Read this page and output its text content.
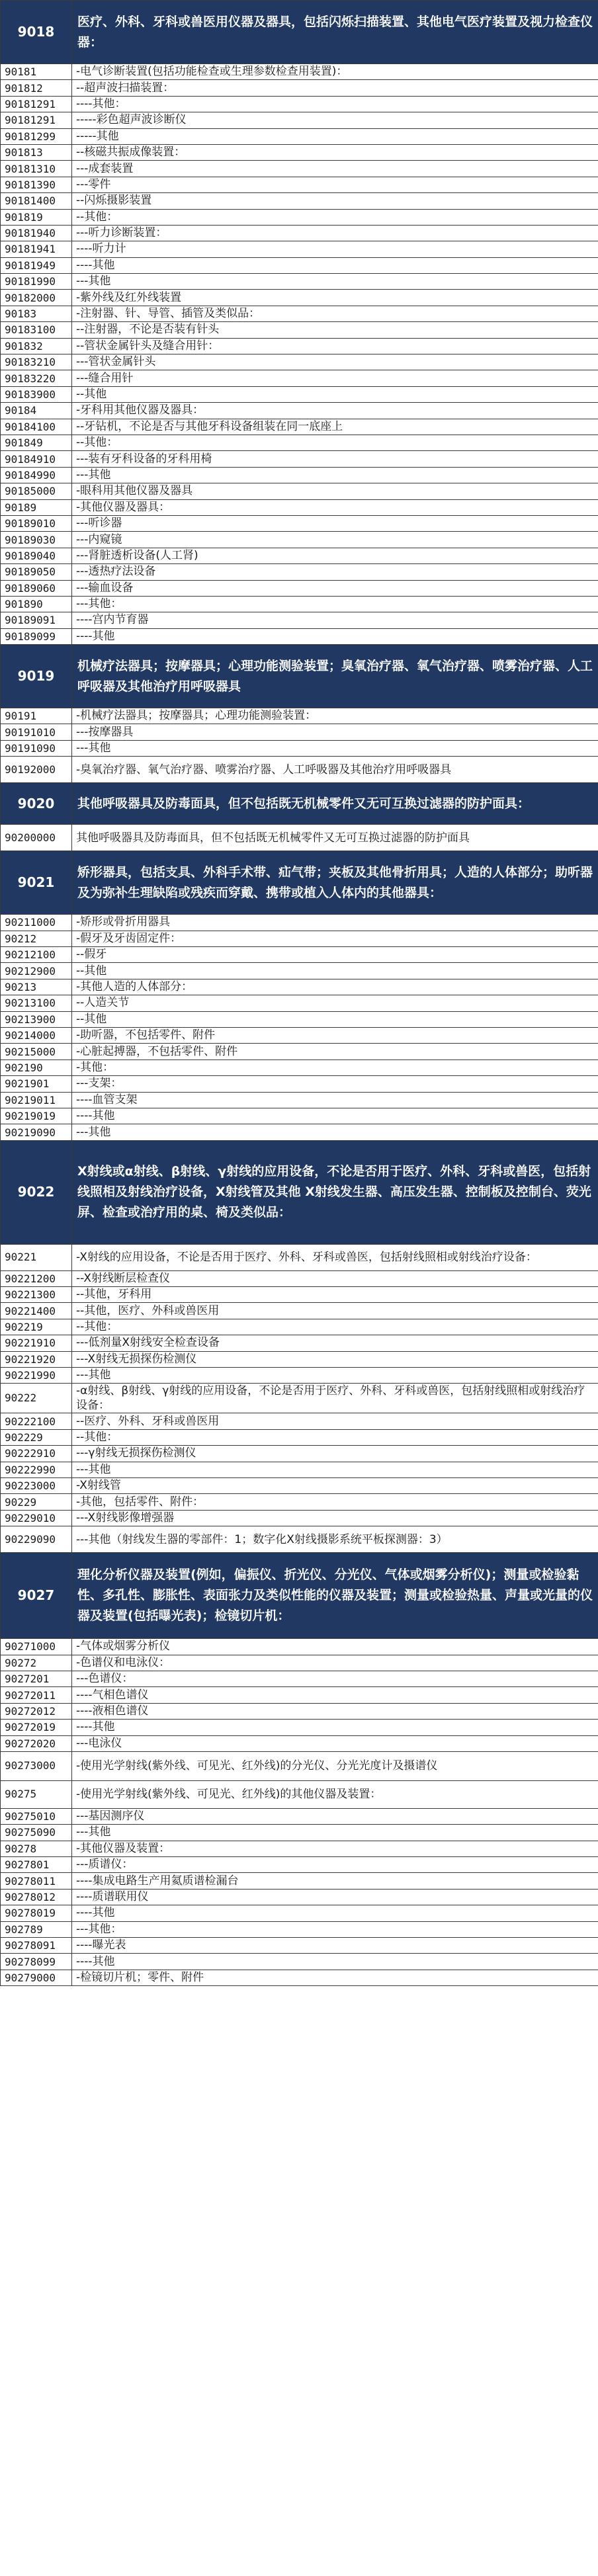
9018	医疗、外科、牙科或兽医用仪器及器具，包括闪烁扫描装置、其他电气医疗装置及视力检查仪器：
90181	-电气诊断装置(包括功能检查或生理参数检查用装置)：
901812	--超声波扫描装置：
90181291	----其他：
90181291	-----彩色超声波诊断仪
90181299	-----其他
901813	--核磁共振成像装置：
90181310	---成套装置
90181390	---零件
90181400	--闪烁摄影装置
901819	--其他：
90181940	---听力诊断装置：
90181941	----听力计
90181949	----其他
90181990	---其他
90182000	-紫外线及红外线装置
90183	-注射器、针、导管、插管及类似品：
90183100	--注射器，不论是否装有针头
901832	--管状金属针头及缝合用针：
90183210	---管状金属针头
90183220	---缝合用针
90183900	--其他
90184	-牙科用其他仪器及器具：
90184100	--牙钻机，不论是否与其他牙科设备组装在同一底座上
901849	--其他：
90184910	---装有牙科设备的牙科用椅
90184990	---其他
90185000	-眼科用其他仪器及器具
90189	-其他仪器及器具：
90189010	---听诊器
90189030	---内窥镜
90189040	---肾脏透析设备(人工肾)
90189050	---透热疗法设备
90189060	---输血设备
901890	---其他：
90189091	----宫内节育器
90189099	----其他
9019	机械疗法器具；按摩器具；心理功能测验装置；臭氧治疗器、氧气治疗器、喷雾治疗器、人工呼吸器及其他治疗用呼吸器具
90191	-机械疗法器具；按摩器具；心理功能测验装置：
90191010	---按摩器具
90191090	---其他
90192000	-臭氧治疗器、氧气治疗器、喷雾治疗器、人工呼吸器及其他治疗用呼吸器具
9020	其他呼吸器具及防毒面具，但不包括既无机械零件又无可互换过滤器的防护面具：
90200000	其他呼吸器具及防毒面具，但不包括既无机械零件又无可互换过滤器的防护面具
9021	矫形器具，包括支具、外科手术带、疝气带；夹板及其他骨折用具；人造的人体部分；助听器及为弥补生理缺陷或残疾而穿戴、携带或植入人体内的其他器具：
90211000	-矫形或骨折用器具
90212	-假牙及牙齿固定件：
90212100	--假牙
90212900	--其他
90213	-其他人造的人体部分：
90213100	--人造关节
90213900	--其他
90214000	-助听器，不包括零件、附件
90215000	-心脏起搏器，不包括零件、附件
902190	-其他：
9021901	---支架：
90219011	----血管支架
90219019	----其他
90219090	---其他
9022	X射线或α射线、β射线、γ射线的应用设备，不论是否用于医疗、外科、牙科或兽医，包括射线照相及射线治疗设备，X射线管及其他 X射线发生器、高压发生器、控制板及控制台、荧光屏、检查或治疗用的桌、椅及类似品：
90221	-X射线的应用设备，不论是否用于医疗、外科、牙科或兽医，包括射线照相或射线治疗设备：
90221200	--X射线断层检查仪
90221300	--其他，牙科用
90221400	--其他，医疗、外科或兽医用
902219	--其他：
90221910	---低剂量X射线安全检查设备
90221920	---X射线无损探伤检测仪
90221990	---其他
90222	-α射线、β射线、γ射线的应用设备，不论是否用于医疗、外科、牙科或兽医，包括射线照相或射线治疗设备：
90222100	--医疗、外科、牙科或兽医用
902229	--其他：
90222910	---γ射线无损探伤检测仪
90222990	---其他
90223000	-X射线管
90229	-其他，包括零件、附件：
90229010	---X射线影像增强器
90229090	---其他（射线发生器的零部件：1；数字化X射线摄影系统平板探测器：3）
9027	理化分析仪器及装置(例如，偏振仪、折光仪、分光仪、气体或烟雾分析仪)；测量或检验黏性、多孔性、膨胀性、表面张力及类似性能的仪器及装置；测量或检验热量、声量或光量的仪器及装置(包括曝光表)；检镜切片机：
90271000	-气体或烟雾分析仪
90272	-色谱仪和电泳仪：
9027201	---色谱仪：
90272011	----气相色谱仪
90272012	----液相色谱仪
90272019	----其他
90272020	---电泳仪
90273000	-使用光学射线(紫外线、可见光、红外线)的分光仪、分光光度计及摄谱仪
90275	-使用光学射线(紫外线、可见光、红外线)的其他仪器及装置：
90275010	---基因测序仪
90275090	---其他
90278	-其他仪器及装置：
9027801	---质谱仪：
90278011	----集成电路生产用氦质谱检漏台
90278012	----质谱联用仪
90278019	----其他
902789	---其他：
90278091	----曝光表
90278099	----其他
90279000	-检镜切片机；零件、附件
